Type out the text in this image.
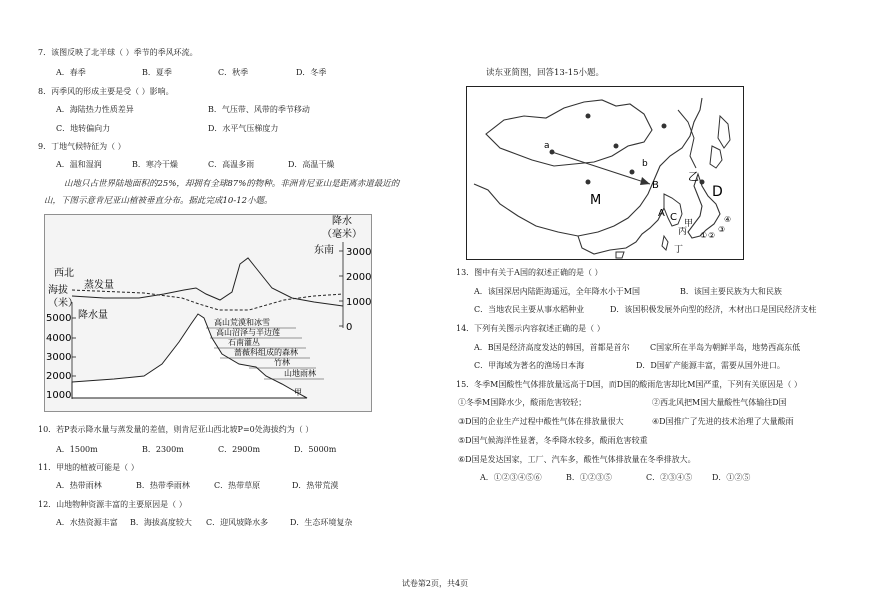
7．该图反映了北半球（ ）季节的季风环流。
A．春季	B．夏季	C．秋季	D．冬季
8．丙季风的形成主要是受（ ）影响。
A．海陆热力性质差异	B．气压带、风带的季节移动
C．地转偏向力	D．水平气压梯度力
9．丁地气候特征为（ ）
A．温和湿润	B．寒冷干燥	C．高温多雨	D．高温干燥
山地只占世界陆地面积的25%，却拥有全球87%的物种。非洲肯尼亚山是距离赤道最近的
山，下图示意肯尼亚山植被垂直分布。据此完成10-12小题。
降水
（毫米）
东南 3000
2000
1000
0
西北
蒸发量
海拔
（米）
降水量
5000
4000
3000
2000
1000
高山荒漠和冰雪
高山沼泽与半边莲
石南灌丛
蔷薇科组成的森林
竹林
山地雨林
甲
10．若P表示降水量与蒸发量的差值，则肯尼亚山西北坡P=0处海拔约为（ ）
A．1500m	B．2300m	C．2900m	D．5000m
11．甲地的植被可能是（ ）
A．热带雨林	B．热带季雨林	C．热带草原	D．热带荒漠
12．山地物种资源丰富的主要原因是（ ）
A．水热资源丰富 B．海拔高度较大 C．迎风坡降水多	D．生态环境复杂
读东亚简图，回答13-15小题。
a
b
B
乙
D
M
C
A
甲
丙
丁
① ②
③
④
13．图中有关于A国的叙述正确的是（ ）
A．该国深居内陆距海遥远，全年降水小于M国	B．该国主要民族为大和民族
C．当地农民主要从事水稻种业	D．该国积极发展外向型的经济，木材出口是国民经济支柱
14．下列有关图示内容叙述正确的是（ ）
A．B国是经济高度发达的韩国，首都是首尔	C国家所在半岛为朝鲜半岛，地势西高东低
C．甲海域为著名的渔场日本海	D．D国矿产能源丰富，需要从国外进口。
15．冬季M国酸性气体排放量远高于D国，而D国的酸雨危害却比M国严重，下列有关原因是（ ）
①冬季M国降水少，酸雨危害较轻；	②西北风把M国大量酸性气体输往D国
③D国的企业生产过程中酸性气体在排放量很大	④D国推广了先进的技术治理了大量酸雨
⑤D国气候海洋性显著，冬季降水较多，酸雨危害较重
⑥D国是发达国家，工厂、汽车多，酸性气体排放量在冬季排放大。
A．①②③④⑤⑥	B．①②③⑤	C．②③④⑤ D．①②⑤
试卷第2页，共4页
